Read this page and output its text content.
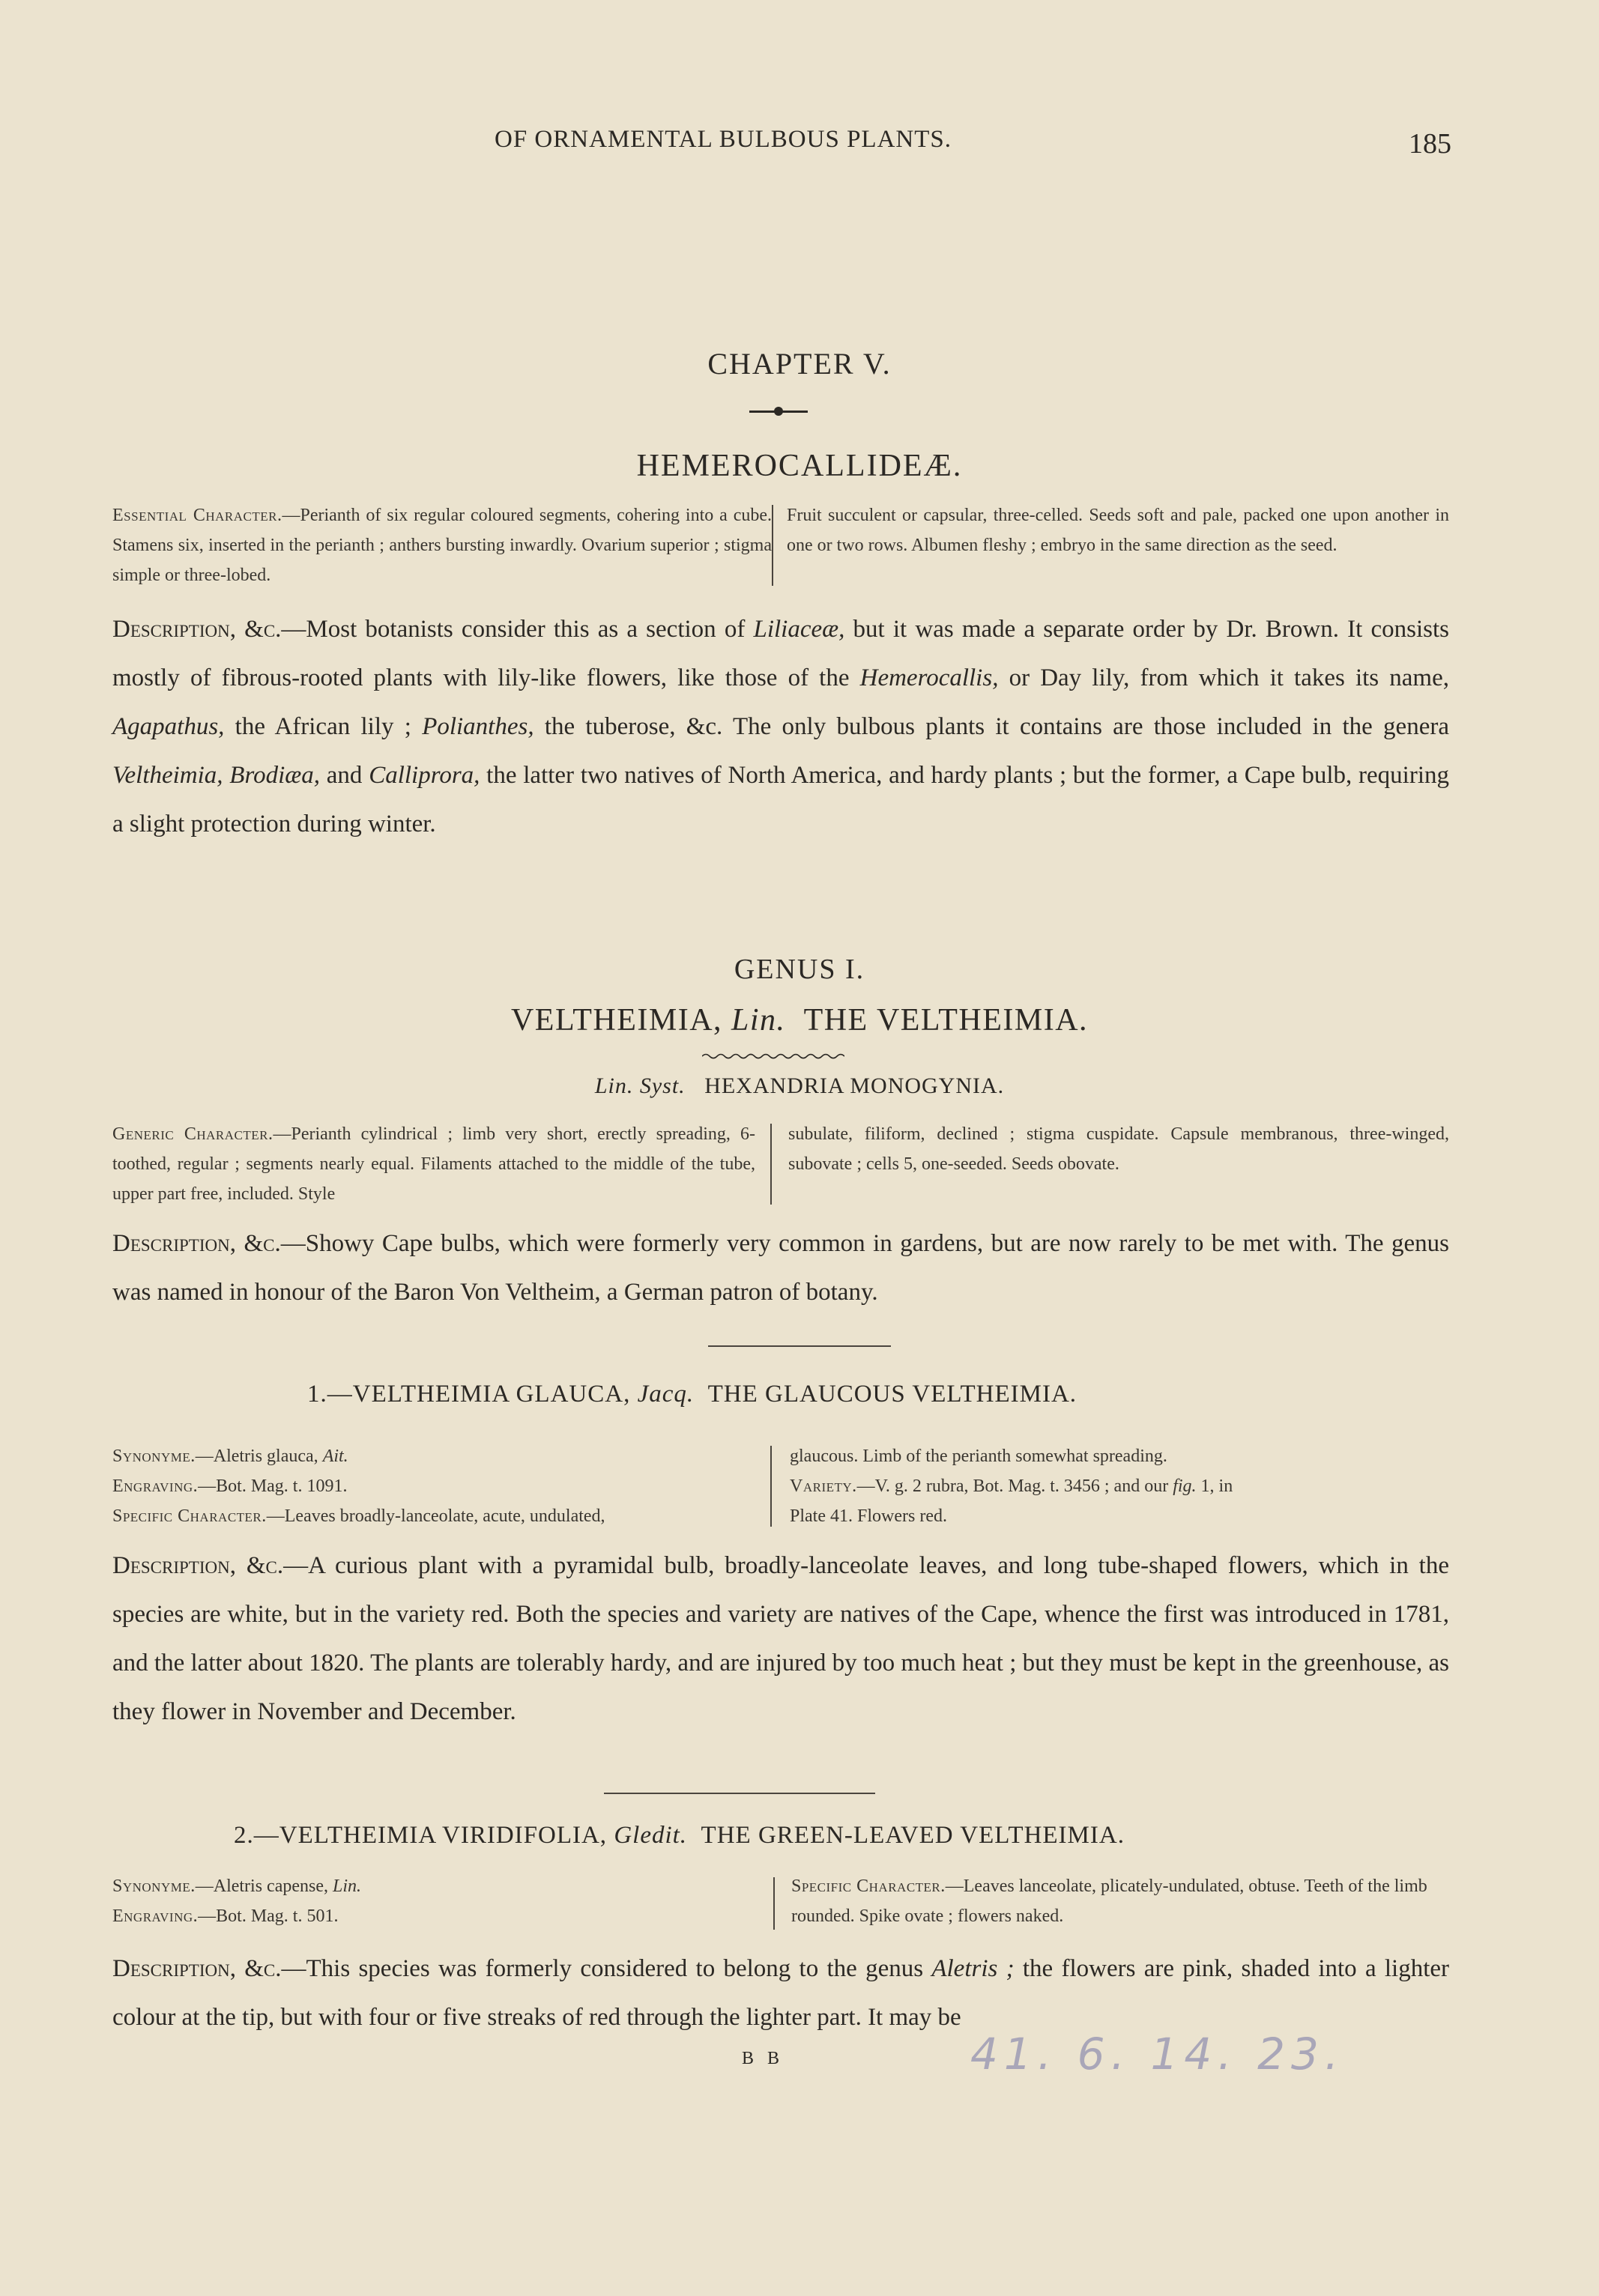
OF ORNAMENTAL BULBOUS PLANTS.	185
CHAPTER V.
HEMEROCALLIDEÆ.
Essential Character.—Perianth of six regular coloured segments, cohering into a cube. Stamens six, inserted in the perianth ; anthers bursting inwardly. Ovarium superior ; stigma simple or three-lobed.
Fruit succulent or capsular, three-celled. Seeds soft and pale, packed one upon another in one or two rows. Albumen fleshy ; embryo in the same direction as the seed.
Description, &c.—Most botanists consider this as a section of Liliaceæ, but it was made a separate order by Dr. Brown. It consists mostly of fibrous-rooted plants with lily-like flowers, like those of the Hemerocallis, or Day lily, from which it takes its name, Agapathus, the African lily ; Polianthes, the tuberose, &c. The only bulbous plants it contains are those included in the genera Veltheimia, Brodiæa, and Calliprora, the latter two natives of North America, and hardy plants ; but the former, a Cape bulb, requiring a slight protection during winter.
GENUS I.
VELTHEIMIA, Lin. THE VELTHEIMIA.
Lin. Syst. HEXANDRIA MONOGYNIA.
Generic Character.—Perianth cylindrical ; limb very short, erectly spreading, 6-toothed, regular ; segments nearly equal. Filaments attached to the middle of the tube, upper part free, included. Style
subulate, filiform, declined ; stigma cuspidate. Capsule membranous, three-winged, subovate ; cells 5, one-seeded. Seeds obovate.
Description, &c.—Showy Cape bulbs, which were formerly very common in gardens, but are now rarely to be met with. The genus was named in honour of the Baron Von Veltheim, a German patron of botany.
1.—VELTHEIMIA GLAUCA, Jacq. THE GLAUCOUS VELTHEIMIA.
Synonyme.—Aletris glauca, Ait.
Engraving.—Bot. Mag. t. 1091.
Specific Character.—Leaves broadly-lanceolate, acute, undulated,
glaucous. Limb of the perianth somewhat spreading.
Variety.—V. g. 2 rubra, Bot. Mag. t. 3456 ; and our fig. 1, in
Plate 41. Flowers red.
Description, &c.—A curious plant with a pyramidal bulb, broadly-lanceolate leaves, and long tube-shaped flowers, which in the species are white, but in the variety red. Both the species and variety are natives of the Cape, whence the first was introduced in 1781, and the latter about 1820. The plants are tolerably hardy, and are injured by too much heat ; but they must be kept in the greenhouse, as they flower in November and December.
2.—VELTHEIMIA VIRIDIFOLIA, Gledit. THE GREEN-LEAVED VELTHEIMIA.
Synonyme.—Aletris capense, Lin.
Engraving.—Bot. Mag. t. 501.
Specific Character.—Leaves lanceolate, plicately-undulated, obtuse. Teeth of the limb rounded. Spike ovate ; flowers naked.
Description, &c.—This species was formerly considered to belong to the genus Aletris ; the flowers are pink, shaded into a lighter colour at the tip, but with four or five streaks of red through the lighter part. It may be
B B	41. 6. 14. 23.
